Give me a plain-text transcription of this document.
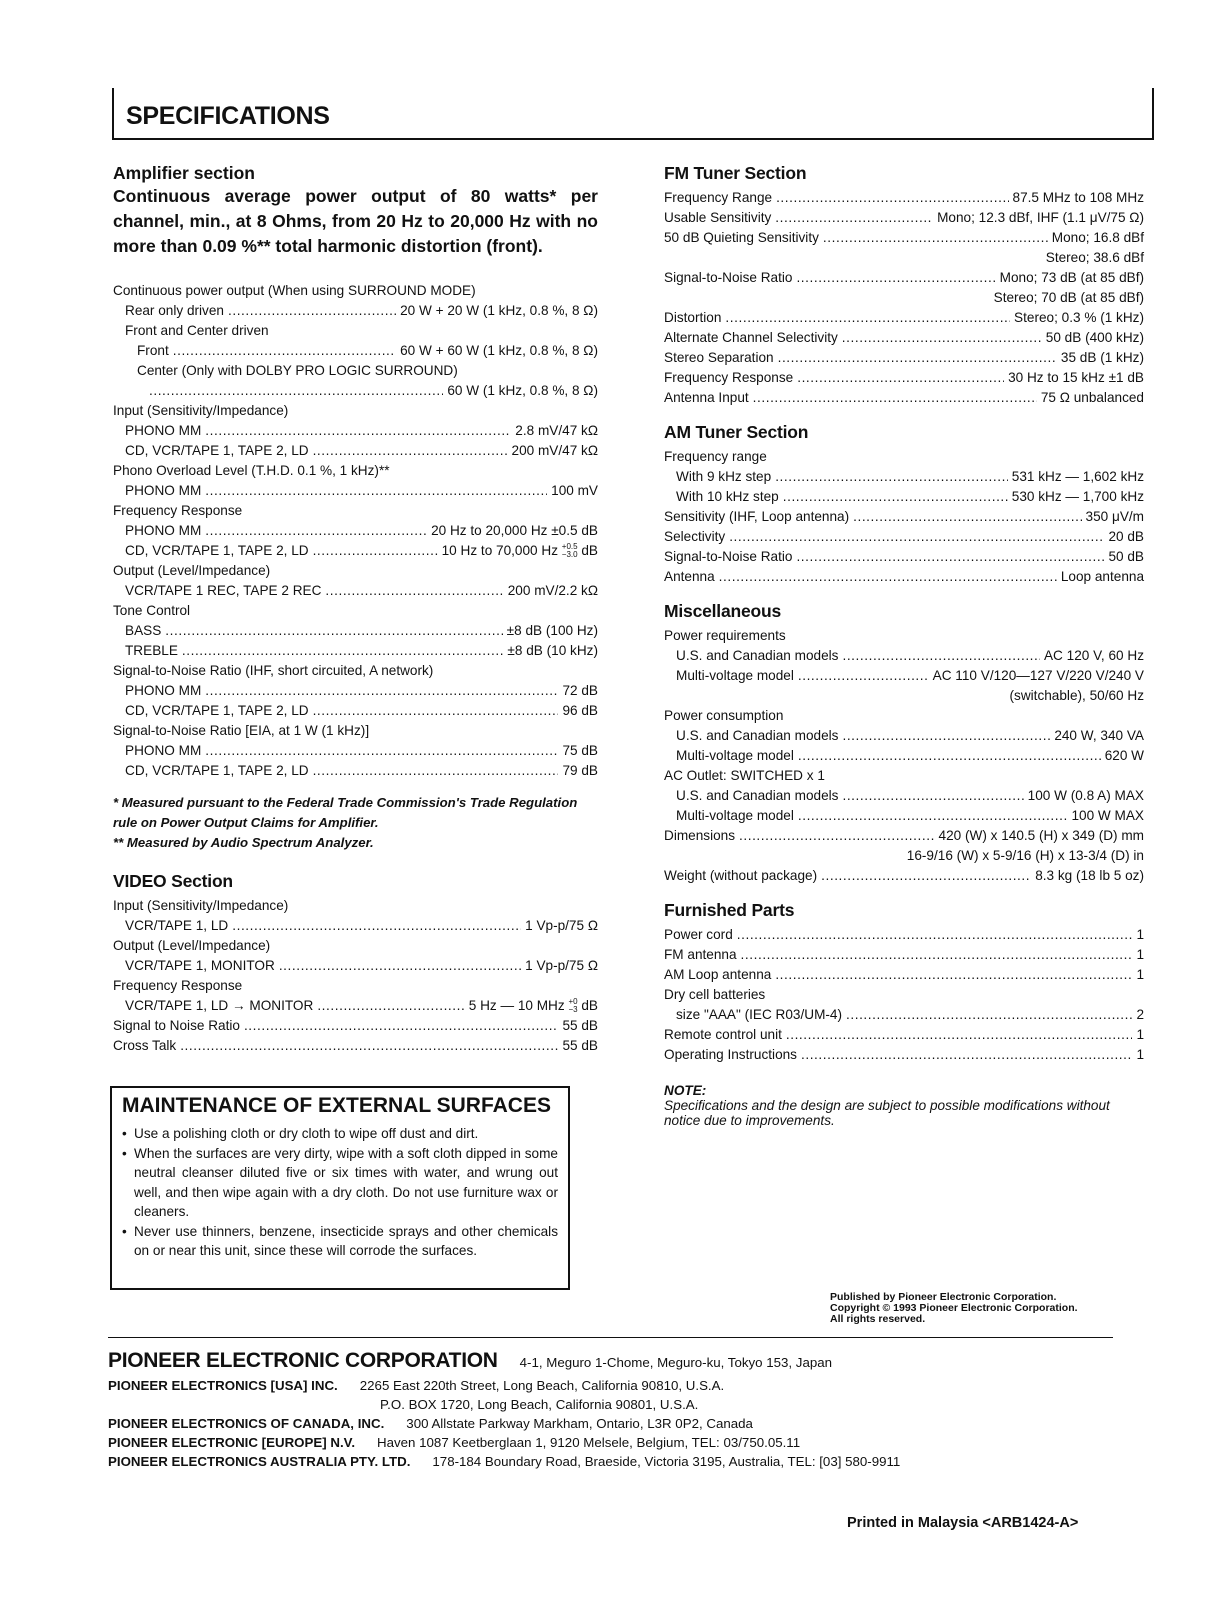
SPECIFICATIONS
Amplifier section
Continuous average power output of 80 watts* per channel, min., at 8 Ohms, from 20 Hz to 20,000 Hz with no more than 0.09 %** total harmonic distortion (front).
Continuous power output (When using SURROUND MODE)
Rear only driven . . .	20 W + 20 W (1 kHz, 0.8 %, 8 Ω)
Front and Center driven
Front . . .	60 W + 60 W (1 kHz, 0.8 %, 8 Ω)
Center (Only with DOLBY PRO LOGIC SURROUND)
. . .
60 W (1 kHz, 0.8 %, 8 Ω)
Input (Sensitivity/Impedance)
PHONO MM . . .	2.8 mV/47 kΩ
CD, VCR/TAPE 1, TAPE 2, LD . . .	200 mV/47 kΩ
Phono Overload Level (T.H.D. 0.1 %, 1 kHz)**
PHONO MM . . .	100 mV
Frequency Response
PHONO MM . . .	20 Hz to 20,000 Hz ±0.5 dB
CD, VCR/TAPE 1, TAPE 2, LD . . .	10 Hz to 70,000 Hz +0.5
−3.0 dB
Output (Level/Impedance)
VCR/TAPE 1 REC, TAPE 2 REC . . .	200 mV/2.2 kΩ
Tone Control
BASS . . .	±8 dB (100 Hz)
TREBLE . . .	±8 dB (10 kHz)
Signal-to-Noise Ratio (IHF, short circuited, A network)
PHONO MM . . .	72 dB
CD, VCR/TAPE 1, TAPE 2, LD . . .	96 dB
Signal-to-Noise Ratio [EIA, at 1 W (1 kHz)]
PHONO MM . . .	75 dB
CD, VCR/TAPE 1, TAPE 2, LD . . .	79 dB
* Measured pursuant to the Federal Trade Commission's Trade Regulation rule on Power Output Claims for Amplifier.
** Measured by Audio Spectrum Analyzer.
VIDEO Section
Input (Sensitivity/Impedance)
VCR/TAPE 1, LD . . .	1 Vp-p/75 Ω
Output (Level/Impedance)
VCR/TAPE 1, MONITOR . . .	1 Vp-p/75 Ω
Frequency Response
VCR/TAPE 1, LD → MONITOR . . .	5 Hz — 10 MHz +0
−3 dB
Signal to Noise Ratio . . .	55 dB
Cross Talk . . .	55 dB
MAINTENANCE OF EXTERNAL SURFACES
• Use a polishing cloth or dry cloth to wipe off dust and dirt.
• When the surfaces are very dirty, wipe with a soft cloth dipped in some neutral cleanser diluted five or six times with water, and wrung out well, and then wipe again with a dry cloth. Do not use furniture wax or cleaners.
• Never use thinners, benzene, insecticide sprays and other chemicals on or near this unit, since these will corrode the surfaces.
FM Tuner Section
Frequency Range . . .	87.5 MHz to 108 MHz
Usable Sensitivity . . .	Mono; 12.3 dBf, IHF (1.1 μV/75 Ω)
50 dB Quieting Sensitivity . . .	Mono; 16.8 dBf
Stereo; 38.6 dBf
Signal-to-Noise Ratio . . .	Mono; 73 dB (at 85 dBf)
Stereo; 70 dB (at 85 dBf)
Distortion . . .	Stereo; 0.3 % (1 kHz)
Alternate Channel Selectivity . . .	50 dB (400 kHz)
Stereo Separation . . .	35 dB (1 kHz)
Frequency Response . . .	30 Hz to 15 kHz ±1 dB
Antenna Input . . .	75 Ω unbalanced
AM Tuner Section
Frequency range
With 9 kHz step . . .	531 kHz — 1,602 kHz
With 10 kHz step . . .	530 kHz — 1,700 kHz
Sensitivity (IHF, Loop antenna) . . .	350 μV/m
Selectivity . . .	20 dB
Signal-to-Noise Ratio . . .	50 dB
Antenna . . .	Loop antenna
Miscellaneous
Power requirements
U.S. and Canadian models . . .	AC 120 V, 60 Hz
Multi-voltage model . . .	AC 110 V/120—127 V/220 V/240 V
(switchable), 50/60 Hz
Power consumption
U.S. and Canadian models . . .	240 W, 340 VA
Multi-voltage model . . .	620 W
AC Outlet: SWITCHED x 1
U.S. and Canadian models . . .	100 W (0.8 A) MAX
Multi-voltage model . . .	100 W MAX
Dimensions . . .	420 (W) x 140.5 (H) x 349 (D) mm
16-9/16 (W) x 5-9/16 (H) x 13-3/4 (D) in
Weight (without package) . . .	8.3 kg (18 lb 5 oz)
Furnished Parts
Power cord . . .	1
FM antenna . . .	1
AM Loop antenna . . .	1
Dry cell batteries
size "AAA" (IEC R03/UM-4) . . .	2
Remote control unit . . .	1
Operating Instructions . . .	1
NOTE:
Specifications and the design are subject to possible modifications without notice due to improvements.
Published by Pioneer Electronic Corporation.
Copyright © 1993 Pioneer Electronic Corporation.
All rights reserved.
PIONEER ELECTRONIC CORPORATION 4-1, Meguro 1-Chome, Meguro-ku, Tokyo 153, Japan
PIONEER ELECTRONICS [USA] INC. 2265 East 220th Street, Long Beach, California 90810, U.S.A.
P.O. BOX 1720, Long Beach, California 90801, U.S.A.
PIONEER ELECTRONICS OF CANADA, INC. 300 Allstate Parkway Markham, Ontario, L3R 0P2, Canada
PIONEER ELECTRONIC [EUROPE] N.V. Haven 1087 Keetberglaan 1, 9120 Melsele, Belgium, TEL: 03/750.05.11
PIONEER ELECTRONICS AUSTRALIA PTY. LTD. 178-184 Boundary Road, Braeside, Victoria 3195, Australia, TEL: [03] 580-9911
Printed in Malaysia <ARB1424-A>
